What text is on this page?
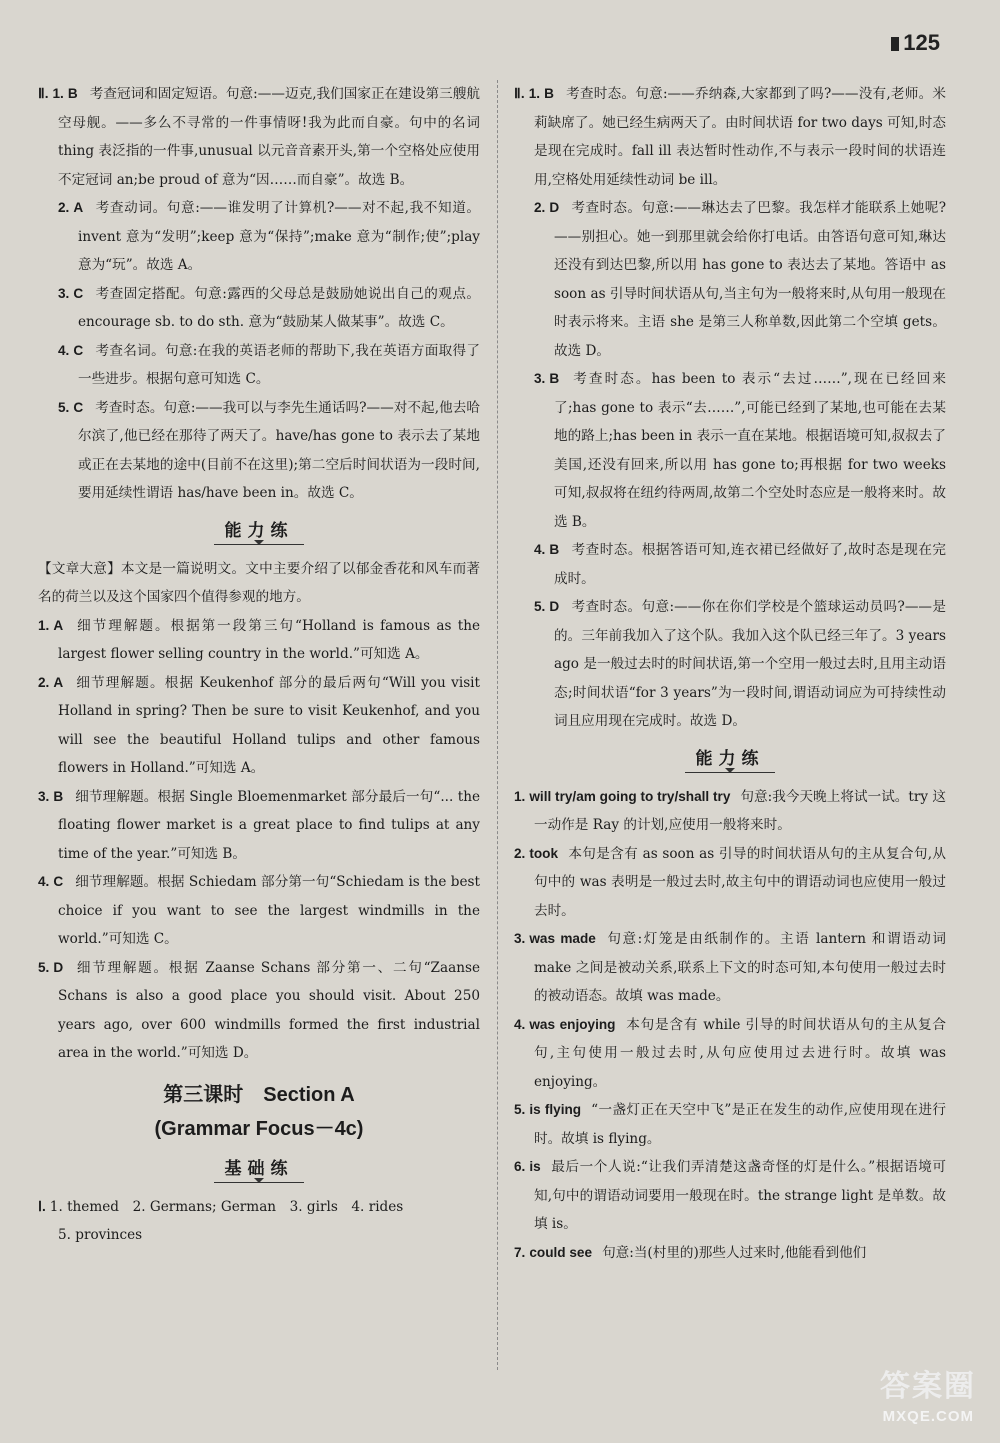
125

Ⅱ. 1. B 考查冠词和固定短语。句意:——迈克,我们国家正在建设第三艘航空母舰。——多么不寻常的一件事情呀!我为此而自豪。句中的名词 thing 表泛指的一件事,unusual 以元音音素开头,第一个空格处应使用不定冠词 an;be proud of 意为“因……而自豪”。故选 B。

2. A 考查动词。句意:——谁发明了计算机?——对不起,我不知道。invent 意为“发明”;keep 意为“保持”;make 意为“制作;使”;play 意为“玩”。故选 A。

3. C 考查固定搭配。句意:露西的父母总是鼓励她说出自己的观点。encourage sb. to do sth. 意为“鼓励某人做某事”。故选 C。

4. C 考查名词。句意:在我的英语老师的帮助下,我在英语方面取得了一些进步。根据句意可知选 C。

5. C 考查时态。句意:——我可以与李先生通话吗?——对不起,他去哈尔滨了,他已经在那待了两天了。have/has gone to 表示去了某地或正在去某地的途中(目前不在这里);第二空后时间状语为一段时间,要用延续性谓语 has/have been in。故选 C。

能力练

【文章大意】本文是一篇说明文。文中主要介绍了以郁金香花和风车而著名的荷兰以及这个国家四个值得参观的地方。

1. A 细节理解题。根据第一段第三句“Holland is famous as the largest flower selling country in the world.”可知选 A。

2. A 细节理解题。根据 Keukenhof 部分的最后两句“Will you visit Holland in spring? Then be sure to visit Keukenhof, and you will see the beautiful Holland tulips and other famous flowers in Holland.”可知选 A。

3. B 细节理解题。根据 Single Bloemenmarket 部分最后一句“... the floating flower market is a great place to find tulips at any time of the year.”可知选 B。

4. C 细节理解题。根据 Schiedam 部分第一句“Schiedam is the best choice if you want to see the largest windmills in the world.”可知选 C。

5. D 细节理解题。根据 Zaanse Schans 部分第一、二句“Zaanse Schans is also a good place you should visit. About 250 years ago, over 600 windmills formed the first industrial area in the world.”可知选 D。

第三课时　Section A
(Grammar Focus－4c)
基础练

Ⅰ. 1. themed　2. Germans; German　3. girls　4. rides

5. provinces

Ⅱ. 1. B 考查时态。句意:——乔纳森,大家都到了吗?——没有,老师。米莉缺席了。她已经生病两天了。由时间状语 for two days 可知,时态是现在完成时。fall ill 表达暂时性动作,不与表示一段时间的状语连用,空格处用延续性动词 be ill。

2. D 考查时态。句意:——琳达去了巴黎。我怎样才能联系上她呢?——别担心。她一到那里就会给你打电话。由答语句意可知,琳达还没有到达巴黎,所以用 has gone to 表达去了某地。答语中 as soon as 引导时间状语从句,当主句为一般将来时,从句用一般现在时表示将来。主语 she 是第三人称单数,因此第二个空填 gets。故选 D。

3. B 考查时态。has been to 表示“去过……”,现在已经回来了;has gone to 表示“去……”,可能已经到了某地,也可能在去某地的路上;has been in 表示一直在某地。根据语境可知,叔叔去了美国,还没有回来,所以用 has gone to;再根据 for two weeks 可知,叔叔将在纽约待两周,故第二个空处时态应是一般将来时。故选 B。

4. B 考查时态。根据答语可知,连衣裙已经做好了,故时态是现在完成时。

5. D 考查时态。句意:——你在你们学校是个篮球运动员吗?——是的。三年前我加入了这个队。我加入这个队已经三年了。3 years ago 是一般过去时的时间状语,第一个空用一般过去时,且用主动语态;时间状语“for 3 years”为一段时间,谓语动词应为可持续性动词且应用现在完成时。故选 D。

能力练

1. will try/am going to try/shall try 句意:我今天晚上将试一试。try 这一动作是 Ray 的计划,应使用一般将来时。

2. took 本句是含有 as soon as 引导的时间状语从句的主从复合句,从句中的 was 表明是一般过去时,故主句中的谓语动词也应使用一般过去时。

3. was made 句意:灯笼是由纸制作的。主语 lantern 和谓语动词 make 之间是被动关系,联系上下文的时态可知,本句使用一般过去时的被动语态。故填 was made。

4. was enjoying 本句是含有 while 引导的时间状语从句的主从复合句,主句使用一般过去时,从句应使用过去进行时。故填 was enjoying。

5. is flying “一盏灯正在天空中飞”是正在发生的动作,应使用现在进行时。故填 is flying。

6. is 最后一个人说:“让我们弄清楚这盏奇怪的灯是什么。”根据语境可知,句中的谓语动词要用一般现在时。the strange light 是单数。故填 is。

7. could see 句意:当(村里的)那些人过来时,他能看到他们

答案圈
MXQE.COM
